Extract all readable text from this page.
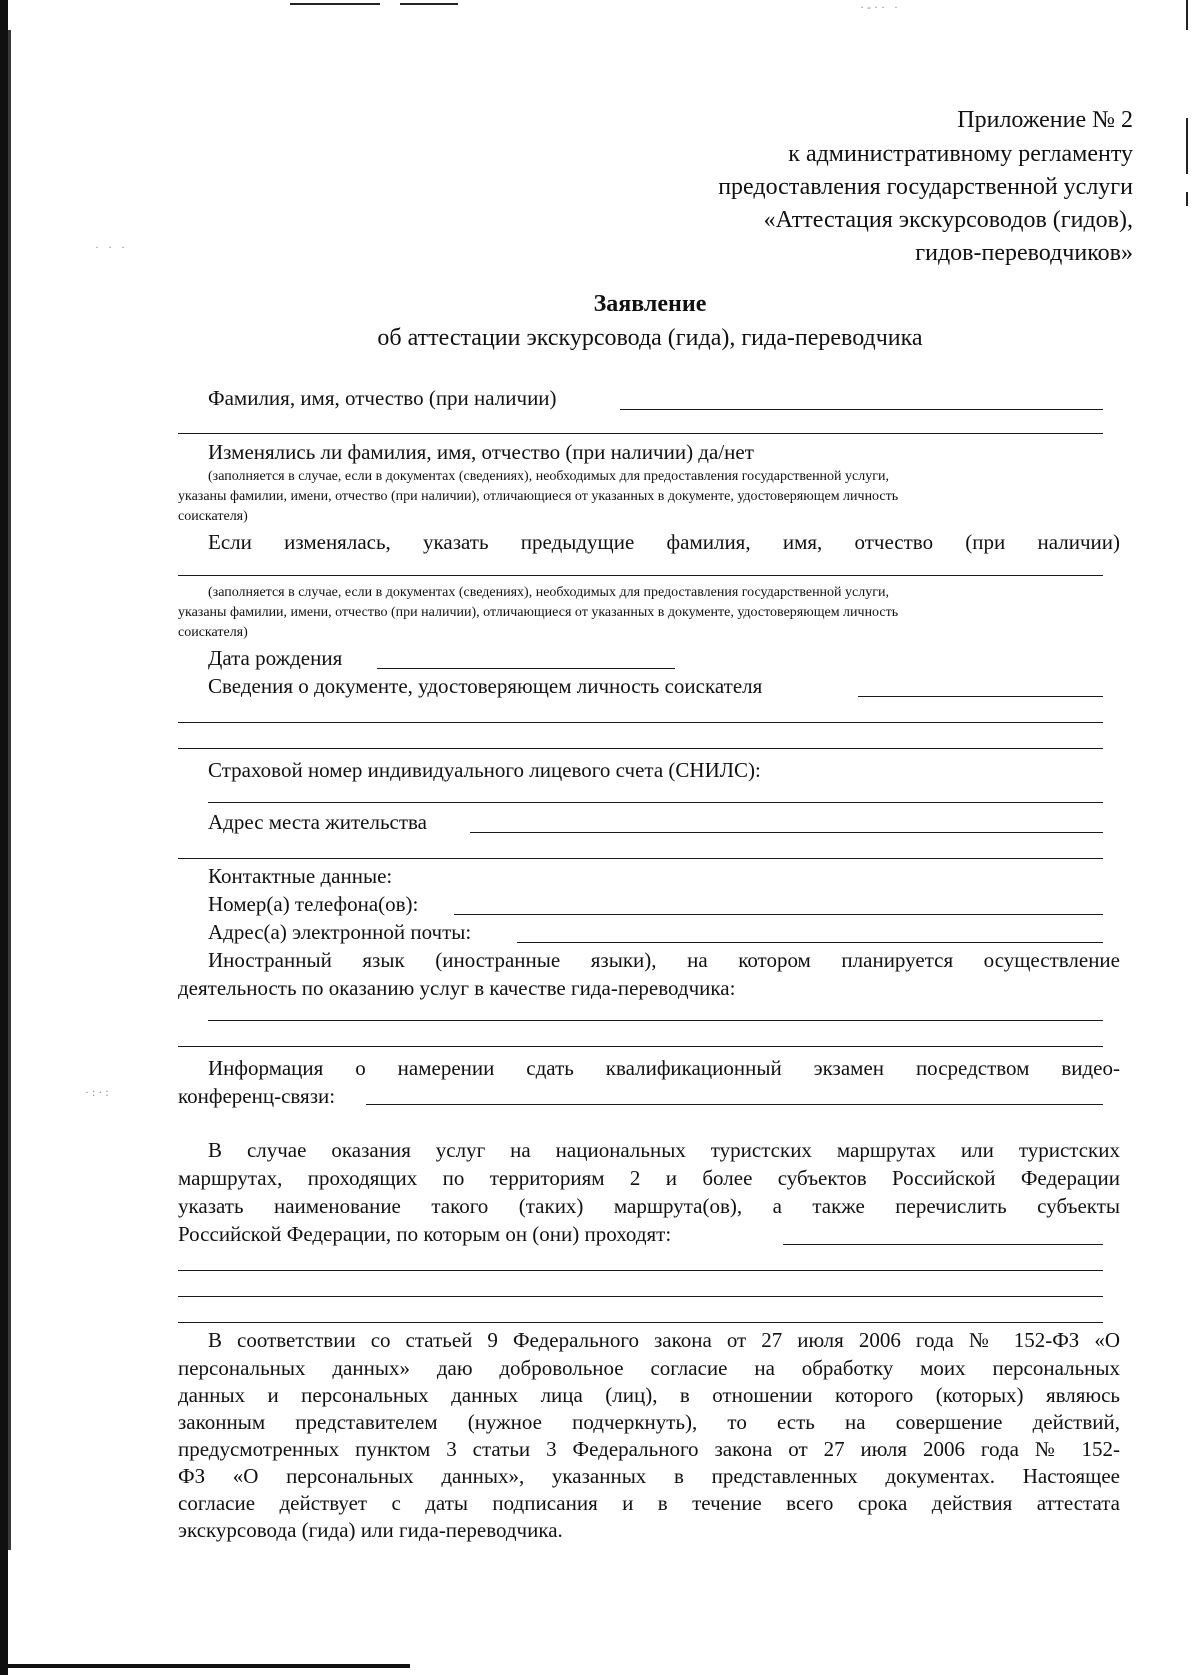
· · ·
·:·:
·-·· ·

Приложение № 2

к административному регламенту

предоставления государственной услуги

«Аттестация экскурсоводов (гидов),

гидов-переводчиков»

Заявление

об аттестации экскурсовода (гида), гида-переводчика

Фамилия, имя, отчество (при наличии)

Изменялись ли фамилия, имя, отчество (при наличии) да/нет

(заполняется в случае, если в документах (сведениях), необходимых для предоставления государственной услуги,

указаны фамилии, имени, отчество (при наличии), отличающиеся от указанных в документе, удостоверяющем личность

соискателя)

Если изменялась, указать предыдущие фамилия, имя, отчество (при наличии)

(заполняется в случае, если в документах (сведениях), необходимых для предоставления государственной услуги,

указаны фамилии, имени, отчество (при наличии), отличающиеся от указанных в документе, удостоверяющем личность

соискателя)

Дата рождения

Сведения о документе, удостоверяющем личность соискателя

Страховой номер индивидуального лицевого счета (СНИЛС):

Адрес места жительства

Контактные данные:

Номер(а) телефона(ов):

Адрес(а) электронной почты:

Иностранный язык (иностранные языки), на котором планируется осуществление

деятельность по оказанию услуг в качестве гида-переводчика:

Информация о намерении сдать квалификационный экзамен посредством видео-

конференц-связи:

В случае оказания услуг на национальных туристских маршрутах или туристских
маршрутах, проходящих по территориям 2 и более субъектов Российской Федерации
указать наименование такого (таких) маршрута(ов), а также перечислить субъекты

Российской Федерации, по которым он (они) проходят:

В соответствии со статьей 9 Федерального закона от 27 июля 2006 года № 152-ФЗ «О
персональных данных» даю добровольное согласие на обработку моих персональных
данных и персональных данных лица (лиц), в отношении которого (которых) являюсь
законным представителем (нужное подчеркнуть), то есть на совершение действий,
предусмотренных пунктом 3 статьи 3 Федерального закона от 27 июля 2006 года № 152-
ФЗ «О персональных данных», указанных в представленных документах. Настоящее
согласие действует с даты подписания и в течение всего срока действия аттестата

экскурсовода (гида) или гида-переводчика.
